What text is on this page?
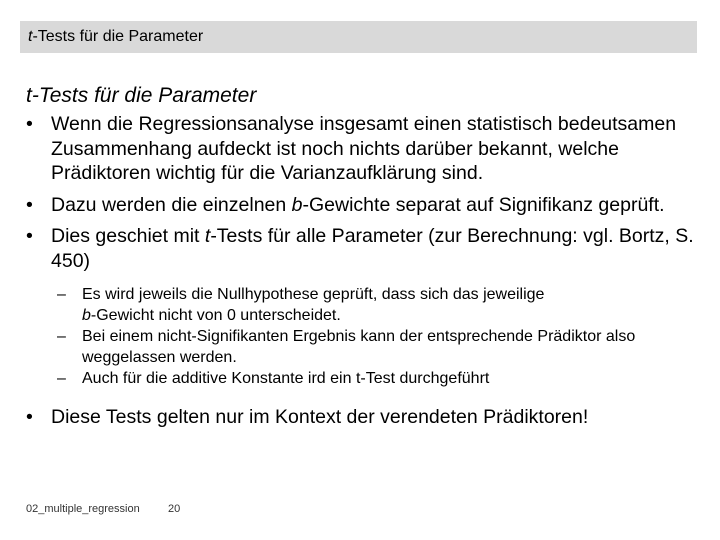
t-Tests für die Parameter
t-Tests für die Parameter
• Wenn die Regressionsanalyse insgesamt einen statistisch bedeutsamen Zusammenhang aufdeckt ist noch nichts darüber bekannt, welche Prädiktoren wichtig für die Varianzaufklärung sind.
• Dazu werden die einzelnen b-Gewichte separat auf Signifikanz geprüft.
• Dies geschiet mit t-Tests für alle Parameter (zur Berechnung: vgl. Bortz, S. 450)
– Es wird jeweils die Nullhypothese geprüft, dass sich das jeweilige
b-Gewicht nicht von 0 unterscheidet.
– Bei einem nicht-Signifikanten Ergebnis kann der entsprechende Prädiktor also weggelassen werden.
– Auch für die additive Konstante ird ein t-Test durchgeführt
• Diese Tests gelten nur im Kontext der verendeten Prädiktoren!
02_multiple_regression	20
